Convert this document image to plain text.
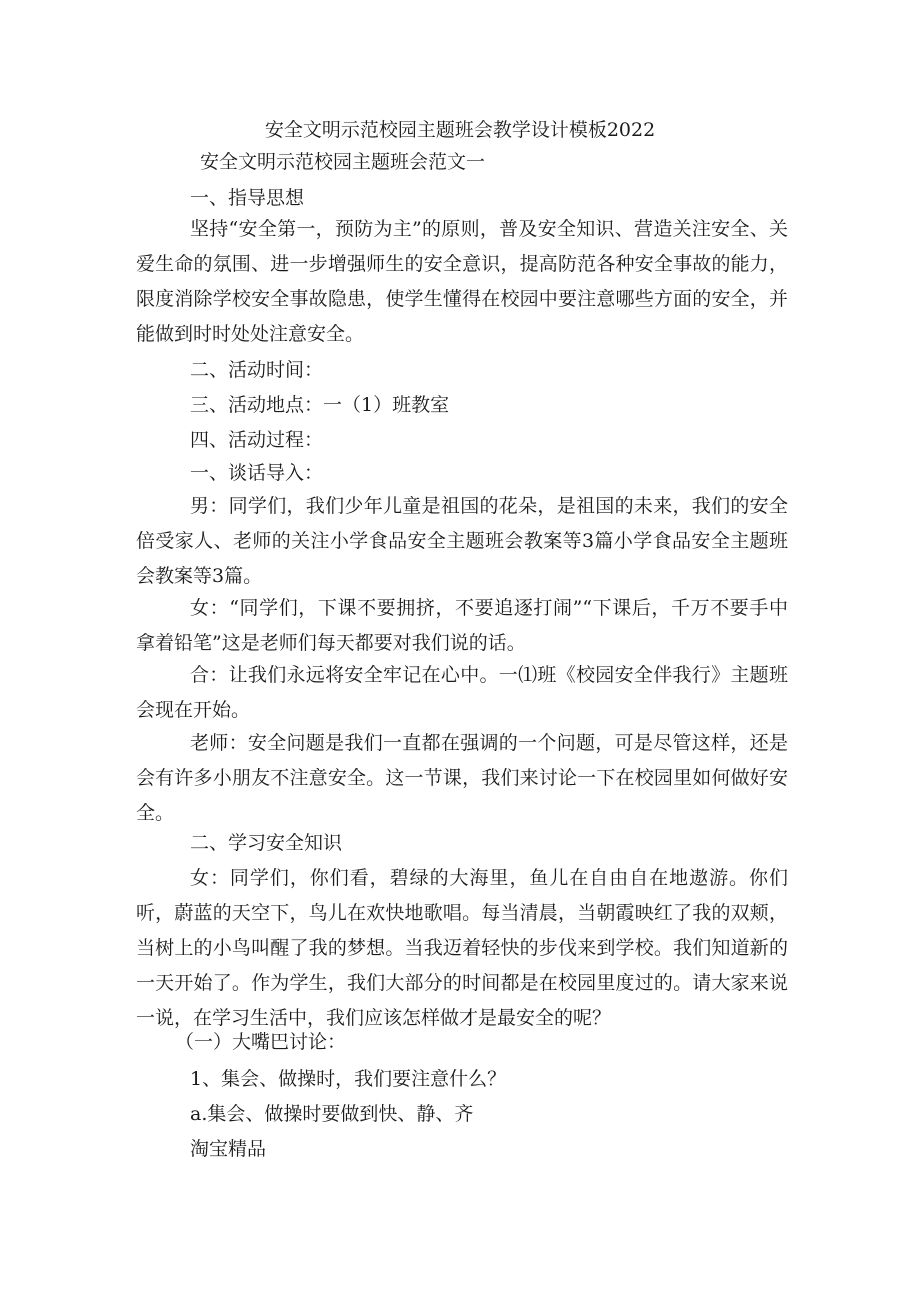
安全文明示范校园主题班会教学设计模板2022
安全文明示范校园主题班会范文一
一、指导思想
坚持“安全第一，预防为主”的原则，普及安全知识、营造关注安全、关爱生命的氛围、进一步增强师生的安全意识，提高防范各种安全事故的能力，限度消除学校安全事故隐患，使学生懂得在校园中要注意哪些方面的安全，并能做到时时处处注意安全。
二、活动时间：
三、活动地点：一（1）班教室
四、活动过程：
一、谈话导入：
男：同学们，我们少年儿童是祖国的花朵，是祖国的未来，我们的安全倍受家人、老师的关注小学食品安全主题班会教案等3篇小学食品安全主题班会教案等3篇。
女：“同学们，下课不要拥挤，不要追逐打闹”“下课后，千万不要手中拿着铅笔”这是老师们每天都要对我们说的话。
合：让我们永远将安全牢记在心中。一⑴班《校园安全伴我行》主题班会现在开始。
老师：安全问题是我们一直都在强调的一个问题，可是尽管这样，还是会有许多小朋友不注意安全。这一节课，我们来讨论一下在校园里如何做好安全。
二、学习安全知识
女：同学们，你们看，碧绿的大海里，鱼儿在自由自在地遨游。你们听，蔚蓝的天空下，鸟儿在欢快地歌唱。每当清晨，当朝霞映红了我的双颊，当树上的小鸟叫醒了我的梦想。当我迈着轻快的步伐来到学校。我们知道新的一天开始了。作为学生，我们大部分的时间都是在校园里度过的。请大家来说一说，在学习生活中，我们应该怎样做才是最安全的呢？
（一）大嘴巴讨论：
1、集会、做操时，我们要注意什么？
a.集会、做操时要做到快、静、齐
淘宝精品
